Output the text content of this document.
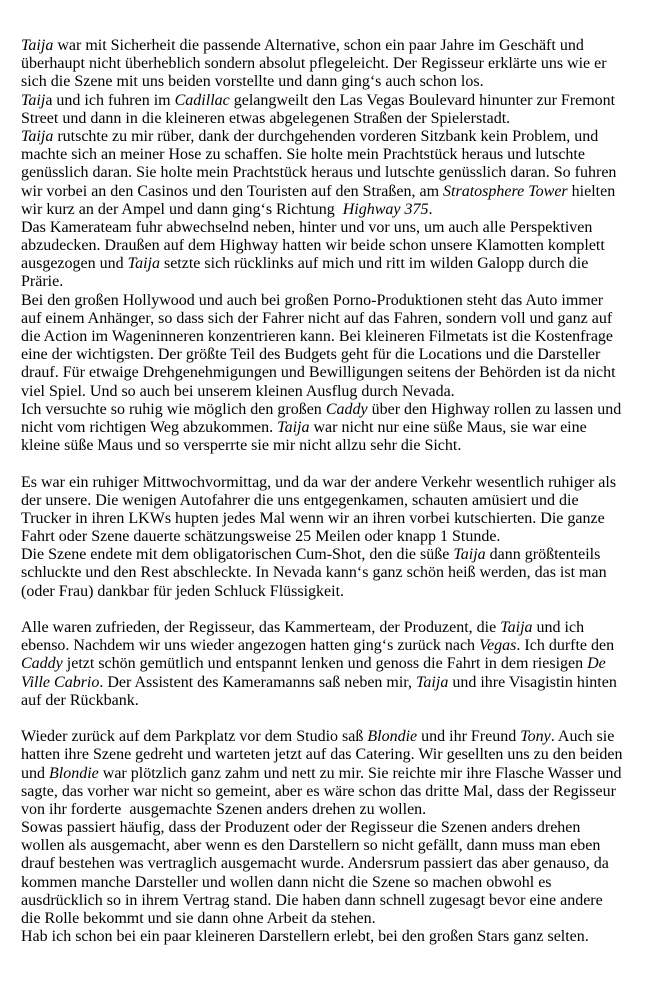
Taija war mit Sicherheit die passende Alternative, schon ein paar Jahre im Geschäft und
überhaupt nicht überheblich sondern absolut pflegeleicht. Der Regisseur erklärte uns wie er
sich die Szene mit uns beiden vorstellte und dann ging‘s auch schon los.
Taija und ich fuhren im Cadillac gelangweilt den Las Vegas Boulevard hinunter zur Fremont
Street und dann in die kleineren etwas abgelegenen Straßen der Spielerstadt.
Taija rutschte zu mir rüber, dank der durchgehenden vorderen Sitzbank kein Problem, und
machte sich an meiner Hose zu schaffen. Sie holte mein Prachtstück heraus und lutschte
genüsslich daran. Sie holte mein Prachtstück heraus und lutschte genüsslich daran. So fuhren
wir vorbei an den Casinos und den Touristen auf den Straßen, am Stratosphere Tower hielten
wir kurz an der Ampel und dann ging‘s Richtung  Highway 375.
Das Kamerateam fuhr abwechselnd neben, hinter und vor uns, um auch alle Perspektiven
abzudecken. Draußen auf dem Highway hatten wir beide schon unsere Klamotten komplett
ausgezogen und Taija setzte sich rücklinks auf mich und ritt im wilden Galopp durch die
Prärie.
Bei den großen Hollywood und auch bei großen Porno-Produktionen steht das Auto immer
auf einem Anhänger, so dass sich der Fahrer nicht auf das Fahren, sondern voll und ganz auf
die Action im Wageninneren konzentrieren kann. Bei kleineren Filmetats ist die Kostenfrage
eine der wichtigsten. Der größte Teil des Budgets geht für die Locations und die Darsteller
drauf. Für etwaige Drehgenehmigungen und Bewilligungen seitens der Behörden ist da nicht
viel Spiel. Und so auch bei unserem kleinen Ausflug durch Nevada.
Ich versuchte so ruhig wie möglich den großen Caddy über den Highway rollen zu lassen und
nicht vom richtigen Weg abzukommen. Taija war nicht nur eine süße Maus, sie war eine
kleine süße Maus und so versperrte sie mir nicht allzu sehr die Sicht.
Es war ein ruhiger Mittwochvormittag, und da war der andere Verkehr wesentlich ruhiger als
der unsere. Die wenigen Autofahrer die uns entgegenkamen, schauten amüsiert und die
Trucker in ihren LKWs hupten jedes Mal wenn wir an ihren vorbei kutschierten. Die ganze
Fahrt oder Szene dauerte schätzungsweise 25 Meilen oder knapp 1 Stunde.
Die Szene endete mit dem obligatorischen Cum-Shot, den die süße Taija dann größtenteils
schluckte und den Rest abschleckte. In Nevada kann‘s ganz schön heiß werden, das ist man
(oder Frau) dankbar für jeden Schluck Flüssigkeit.
Alle waren zufrieden, der Regisseur, das Kammerteam, der Produzent, die Taija und ich
ebenso. Nachdem wir uns wieder angezogen hatten ging‘s zurück nach Vegas. Ich durfte den
Caddy jetzt schön gemütlich und entspannt lenken und genoss die Fahrt in dem riesigen De
Ville Cabrio. Der Assistent des Kameramanns saß neben mir, Taija und ihre Visagistin hinten
auf der Rückbank.
Wieder zurück auf dem Parkplatz vor dem Studio saß Blondie und ihr Freund Tony. Auch sie
hatten ihre Szene gedreht und warteten jetzt auf das Catering. Wir gesellten uns zu den beiden
und Blondie war plötzlich ganz zahm und nett zu mir. Sie reichte mir ihre Flasche Wasser und
sagte, das vorher war nicht so gemeint, aber es wäre schon das dritte Mal, dass der Regisseur
von ihr forderte  ausgemachte Szenen anders drehen zu wollen.
Sowas passiert häufig, dass der Produzent oder der Regisseur die Szenen anders drehen
wollen als ausgemacht, aber wenn es den Darstellern so nicht gefällt, dann muss man eben
drauf bestehen was vertraglich ausgemacht wurde. Andersrum passiert das aber genauso, da
kommen manche Darsteller und wollen dann nicht die Szene so machen obwohl es
ausdrücklich so in ihrem Vertrag stand. Die haben dann schnell zugesagt bevor eine andere
die Rolle bekommt und sie dann ohne Arbeit da stehen.
Hab ich schon bei ein paar kleineren Darstellern erlebt, bei den großen Stars ganz selten.
